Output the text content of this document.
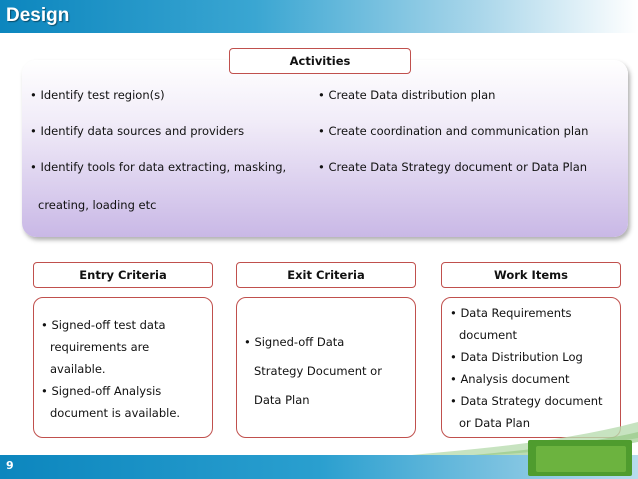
Design
Activities
• Identify test region(s)
• Identify data sources and providers
• Identify tools for data extracting, masking,
creating, loading etc
• Create Data distribution plan
• Create coordination and communication plan
• Create Data Strategy document or Data Plan
Entry Criteria	Exit Criteria	Work Items
• Signed-off test data
requirements are
available.
• Signed-off Analysis
document is available.
• Signed-off Data
Strategy Document or
Data Plan
• Data Requirements
document
• Data Distribution Log
• Analysis document
• Data Strategy document
or Data Plan
9
